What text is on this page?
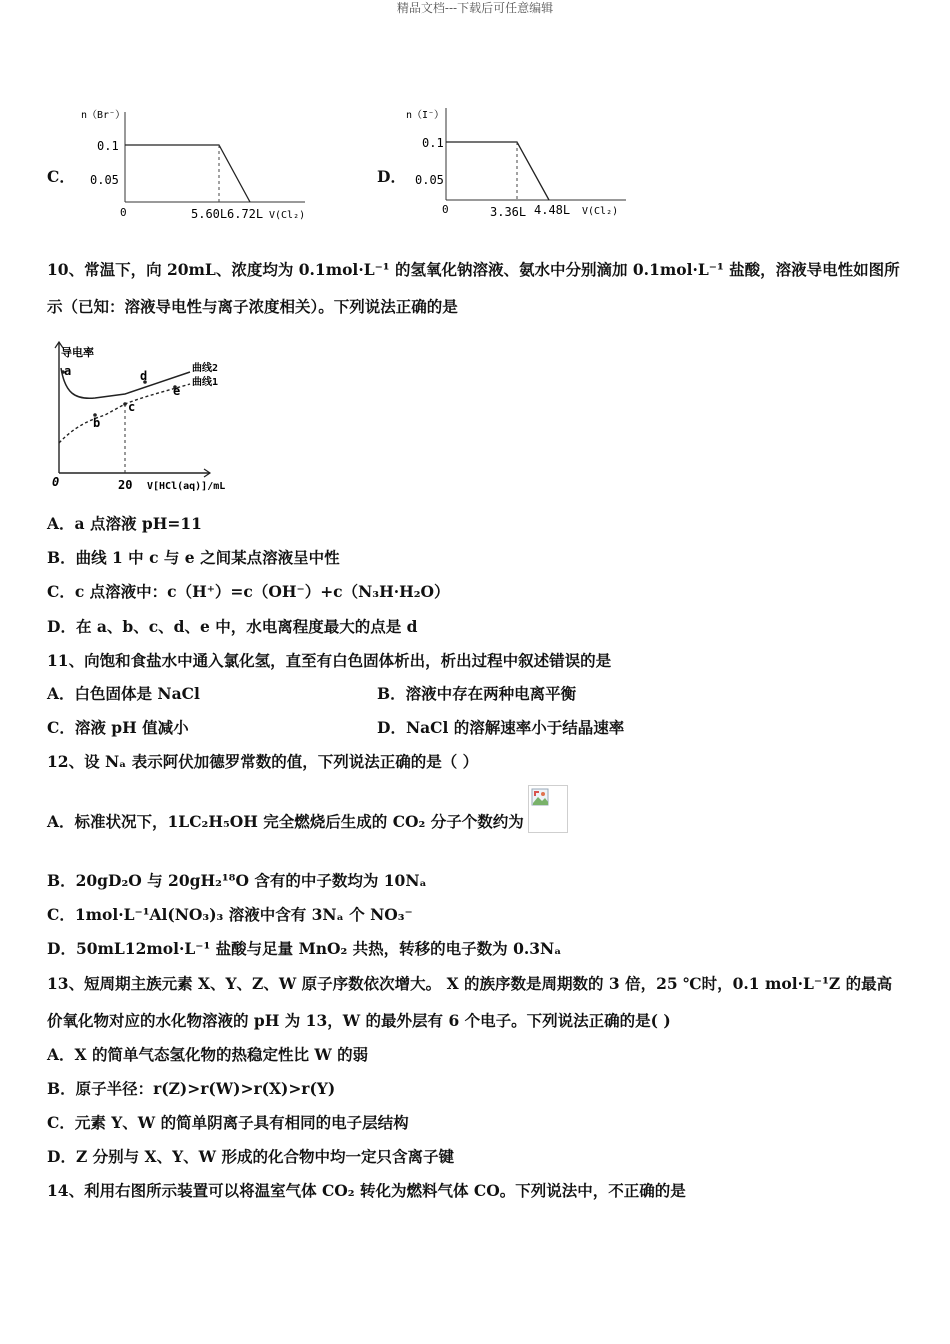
精品文档---下载后可任意编辑
C．
n（Br⁻）
0.1
0.05
0	5.60L 6.72L V(Cl₂)
D．
n（I⁻）
0.1
0.05
0	3.36L 4.48L V(Cl₂)
10、常温下，向 20mL、浓度均为 0.1mol·L⁻¹ 的氢氧化钠溶液、氨水中分别滴加 0.1mol·L⁻¹ 盐酸，溶液导电性如图所
示（已知：溶液导电性与离子浓度相关）。下列说法正确的是
导电率
a
b
c
d
e
曲线2
曲线1
0	20 V[HCl(aq)]/mL
A．a 点溶液 pH=11
B．曲线 1 中 c 与 e 之间某点溶液呈中性
C．c 点溶液中：c（H⁺）=c（OH⁻）+c（N₃H·H₂O）
D．在 a、b、c、d、e 中，水电离程度最大的点是 d
11、向饱和食盐水中通入氯化氢，直至有白色固体析出，析出过程中叙述错误的是
A．白色固体是 NaCl	B．溶液中存在两种电离平衡
C．溶液 pH 值减小	D．NaCl 的溶解速率小于结晶速率
12、设 Nₐ 表示阿伏加德罗常数的值，下列说法正确的是（ ）
A．标准状况下，1LC₂H₅OH 完全燃烧后生成的 CO₂ 分子个数约为
B．20gD₂O 与 20gH₂¹⁸O 含有的中子数均为 10Nₐ
C．1mol·L⁻¹Al(NO₃)₃ 溶液中含有 3Nₐ 个 NO₃⁻
D．50mL12mol·L⁻¹ 盐酸与足量 MnO₂ 共热，转移的电子数为 0.3Nₐ
13、短周期主族元素 X、Y、Z、W 原子序数依次增大。 X 的族序数是周期数的 3 倍，25 ℃时，0.1 mol·L⁻¹Z 的最高
价氧化物对应的水化物溶液的 pH 为 13，W 的最外层有 6 个电子。下列说法正确的是( )
A．X 的简单气态氢化物的热稳定性比 W 的弱
B．原子半径：r(Z)>r(W)>r(X)>r(Y)
C．元素 Y、W 的简单阴离子具有相同的电子层结构
D．Z 分别与 X、Y、W 形成的化合物中均一定只含离子键
14、利用右图所示装置可以将温室气体 CO₂ 转化为燃料气体 CO。下列说法中，不正确的是
